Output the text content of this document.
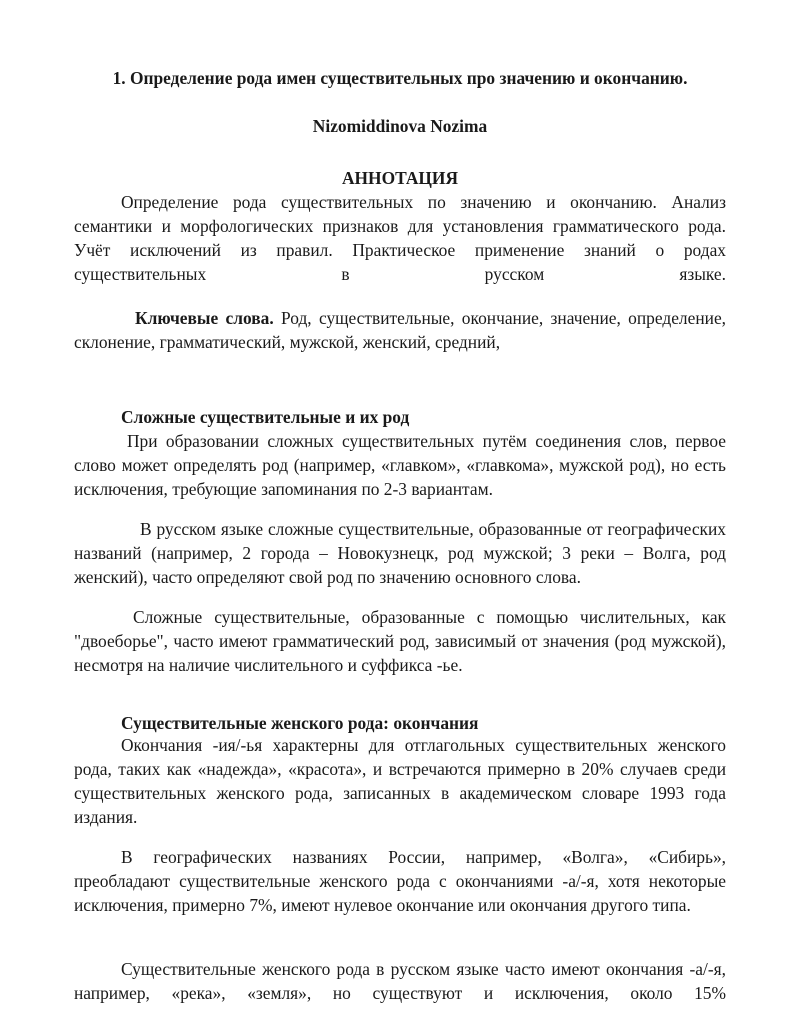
1. Определение рода имен существительных про значению и окончанию.
Nizomiddinova Nozima
АННОТАЦИЯ

Определение рода существительных по значению и окончанию. Анализ семантики и морфологических признаков для установления грамматического рода. Учёт исключений из правил. Практическое применение знаний о родах существительных в русском языке.

Ключевые слова. Род, существительные, окончание, значение, определение, склонение, грамматический, мужской, женский, средний,

Сложные существительные и их род

При образовании сложных существительных путём соединения слов, первое слово может определять род (например, «главком», «главкома», мужской род), но есть исключения, требующие запоминания по 2-3 вариантам.

В русском языке сложные существительные, образованные от географических названий (например, 2 города – Новокузнецк, род мужской; 3 реки – Волга, род женский), часто определяют свой род по значению основного слова.

Сложные существительные, образованные с помощью числительных, как "двоеборье", часто имеют грамматический род, зависимый от значения (род мужской), несмотря на наличие числительного и суффикса -ье.

Существительные женского рода: окончания

Окончания -ия/-ья характерны для отглагольных существительных женского рода, таких как «надежда», «красота», и встречаются примерно в 20% случаев среди существительных женского рода, записанных в академическом словаре 1993 года издания.

В географических названиях России, например, «Волга», «Сибирь», преобладают существительные женского рода с окончаниями -а/-я, хотя некоторые исключения, примерно 7%, имеют нулевое окончание или окончания другого типа.

Существительные женского рода в русском языке часто имеют окончания -а/-я, например, «река», «земля», но существуют и исключения, около 15%
